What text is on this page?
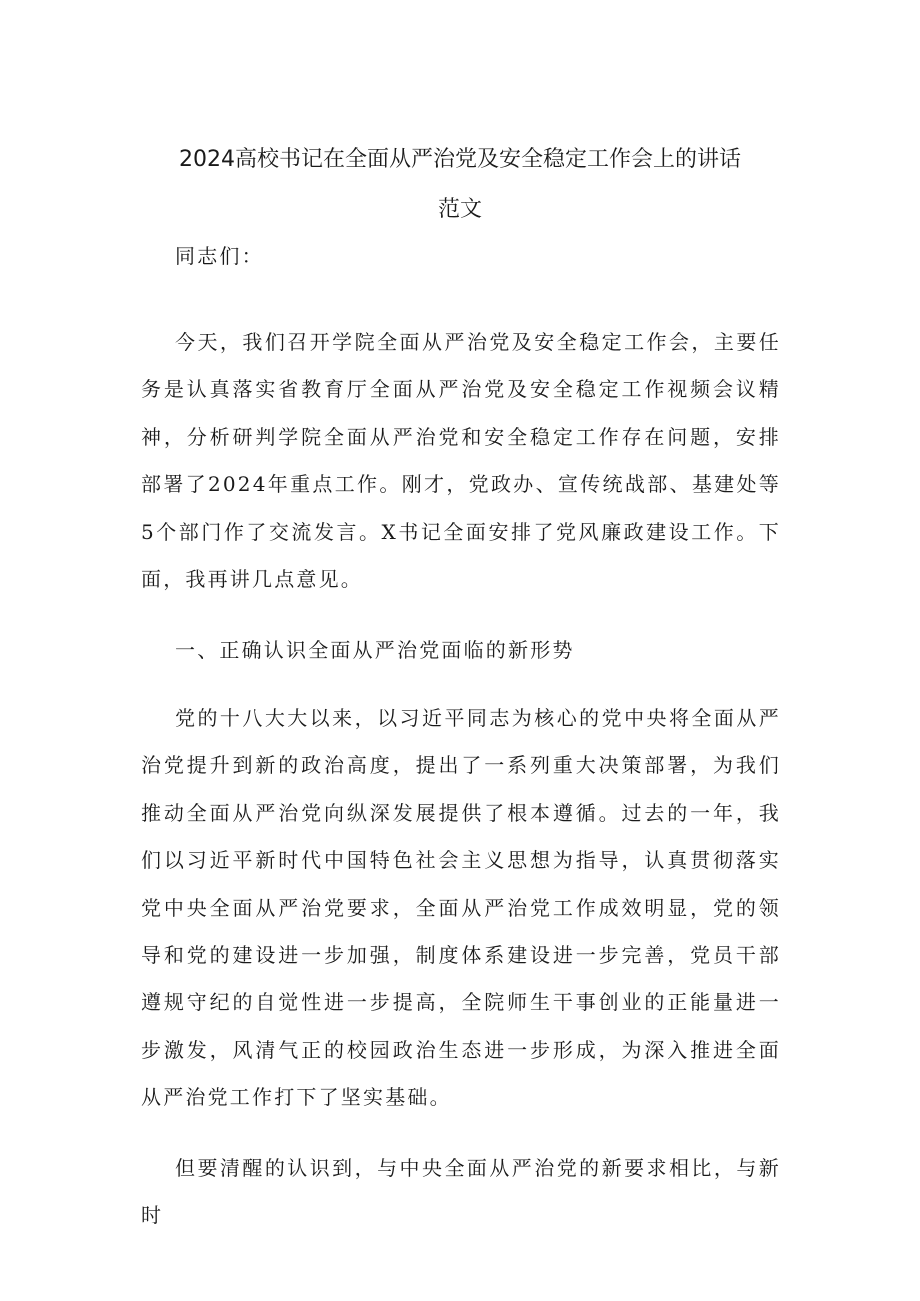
2024高校书记在全面从严治党及安全稳定工作会上的讲话
范文

同志们：

今天，我们召开学院全面从严治党及安全稳定工作会，主要任务是认真落实省教育厅全面从严治党及安全稳定工作视频会议精神，分析研判学院全面从严治党和安全稳定工作存在问题，安排部署了2024年重点工作。刚才，党政办、宣传统战部、基建处等5个部门作了交流发言。X书记全面安排了党风廉政建设工作。下面，我再讲几点意见。

一、正确认识全面从严治党面临的新形势

党的十八大大以来，以习近平同志为核心的党中央将全面从严治党提升到新的政治高度，提出了一系列重大决策部署，为我们推动全面从严治党向纵深发展提供了根本遵循。过去的一年，我们以习近平新时代中国特色社会主义思想为指导，认真贯彻落实党中央全面从严治党要求，全面从严治党工作成效明显，党的领导和党的建设进一步加强，制度体系建设进一步完善，党员干部遵规守纪的自觉性进一步提高，全院师生干事创业的正能量进一步激发，风清气正的校园政治生态进一步形成，为深入推进全面从严治党工作打下了坚实基础。

但要清醒的认识到，与中央全面从严治党的新要求相比，与新时
